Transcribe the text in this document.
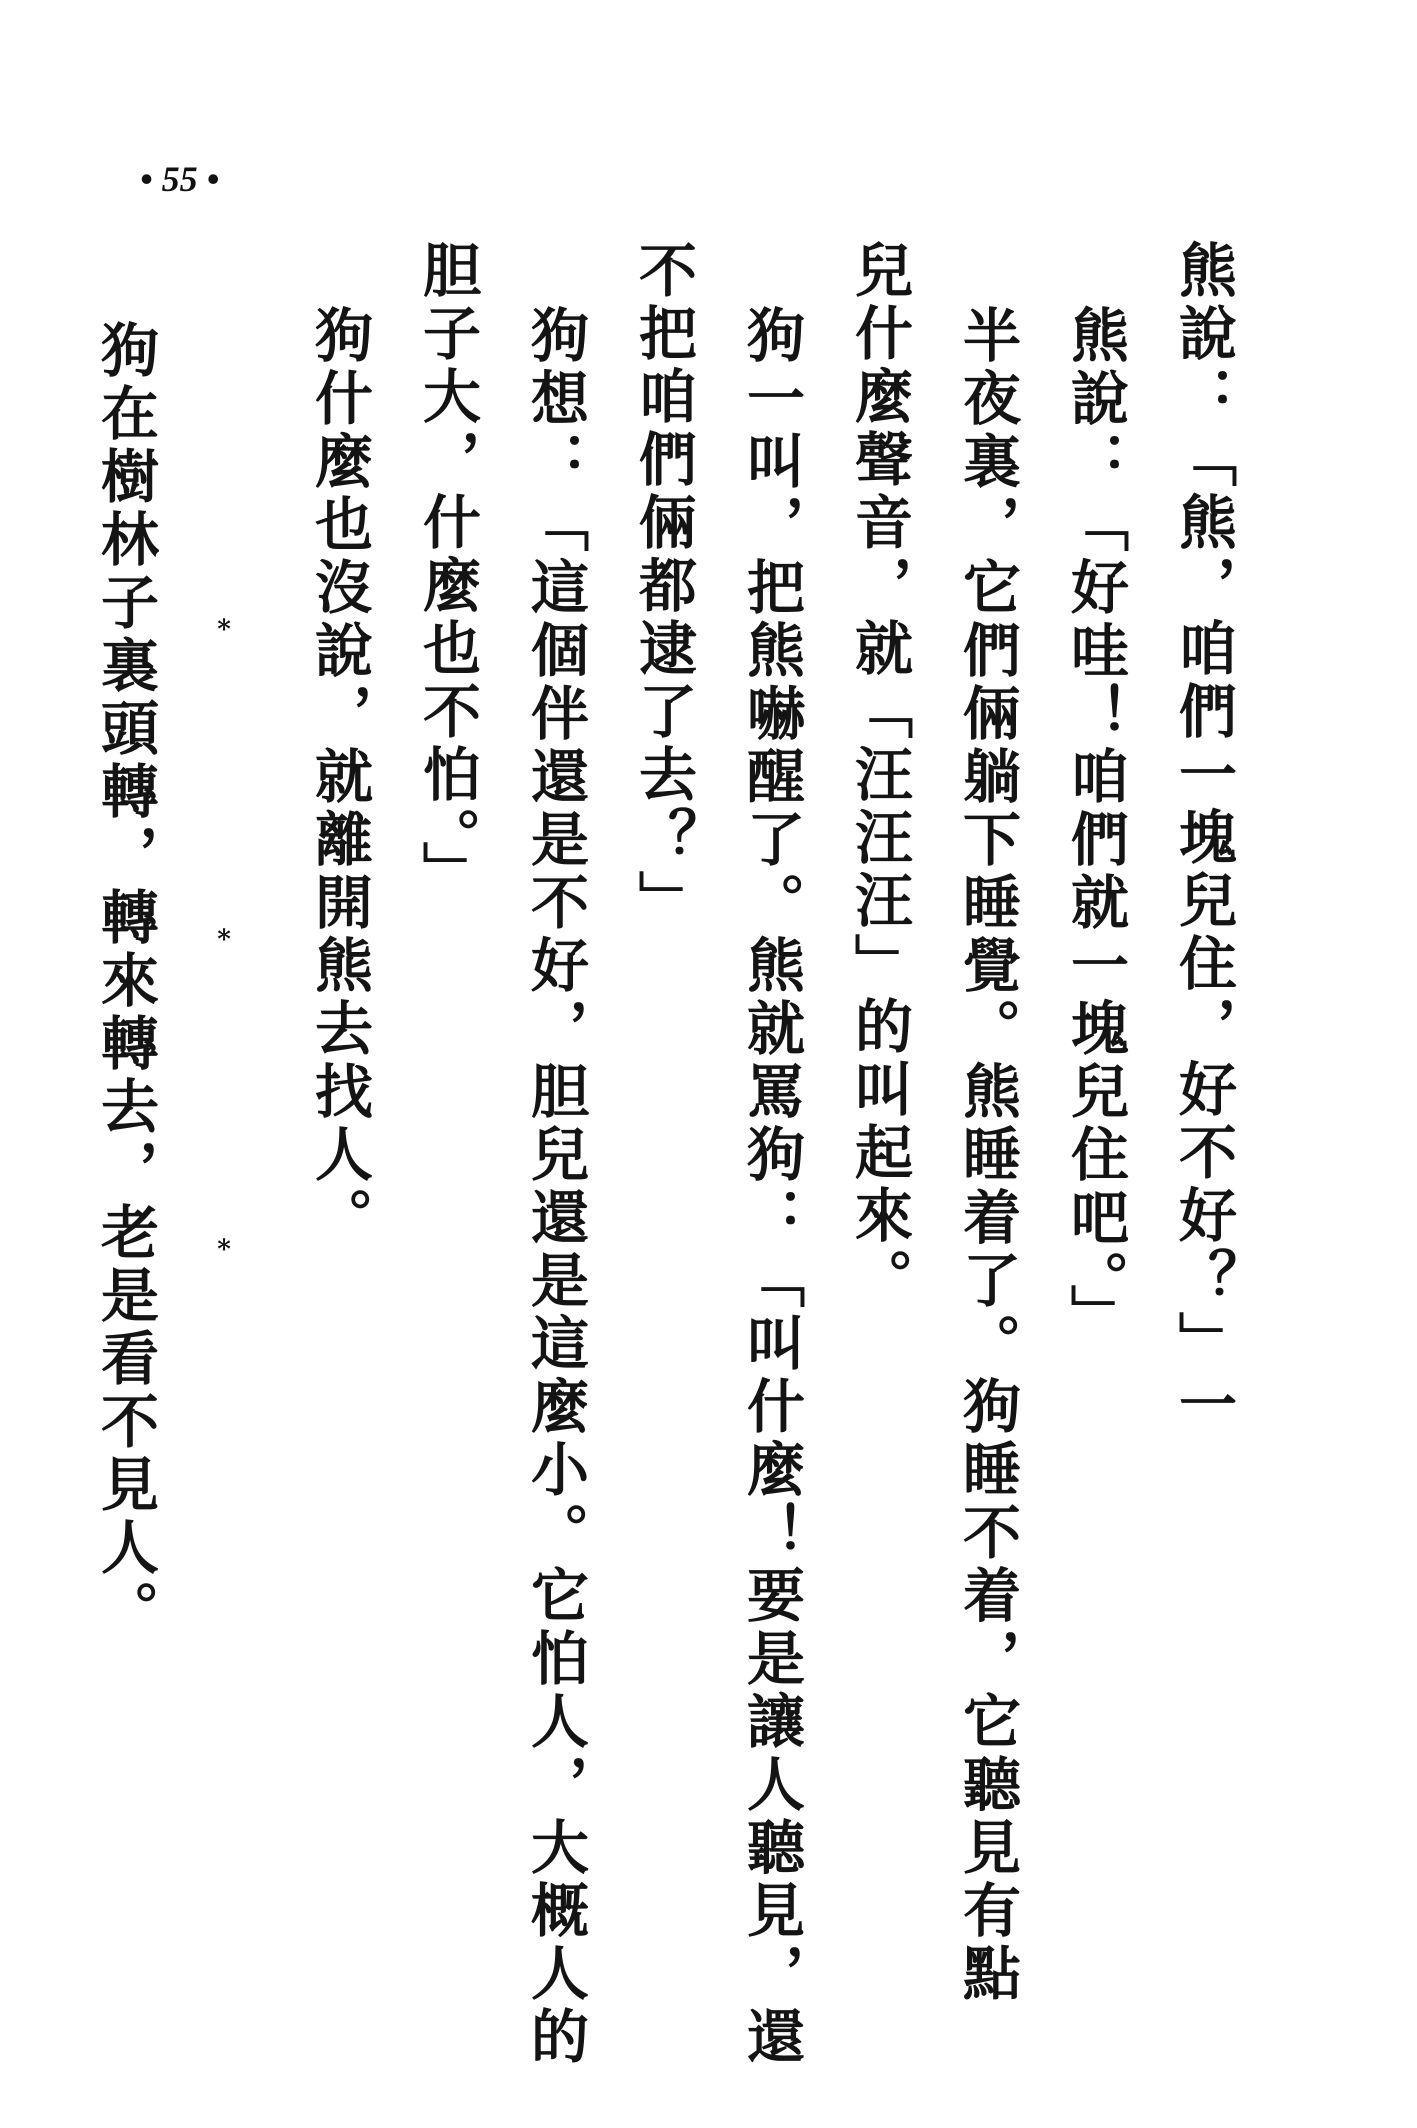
• 55 •
熊說：「熊，咱們一塊兒住，好不好？」一
熊說：「好哇！咱們就一塊兒住吧。」
半夜裏，它們倆躺下睡覺。熊睡着了。狗睡不着，它聽見有點
兒什麼聲音，就「汪汪汪」的叫起來。
狗一叫，把熊嚇醒了。熊就罵狗：「叫什麼！要是讓人聽見，還
不把咱們倆都逮了去？」
狗想：「這個伴還是不好，胆兒還是這麼小。它怕人，大概人的
胆子大，什麼也不怕。」
狗什麼也沒說，就離開熊去找人。
*
*
*
狗在樹林子裏頭轉，轉來轉去，老是看不見人。
